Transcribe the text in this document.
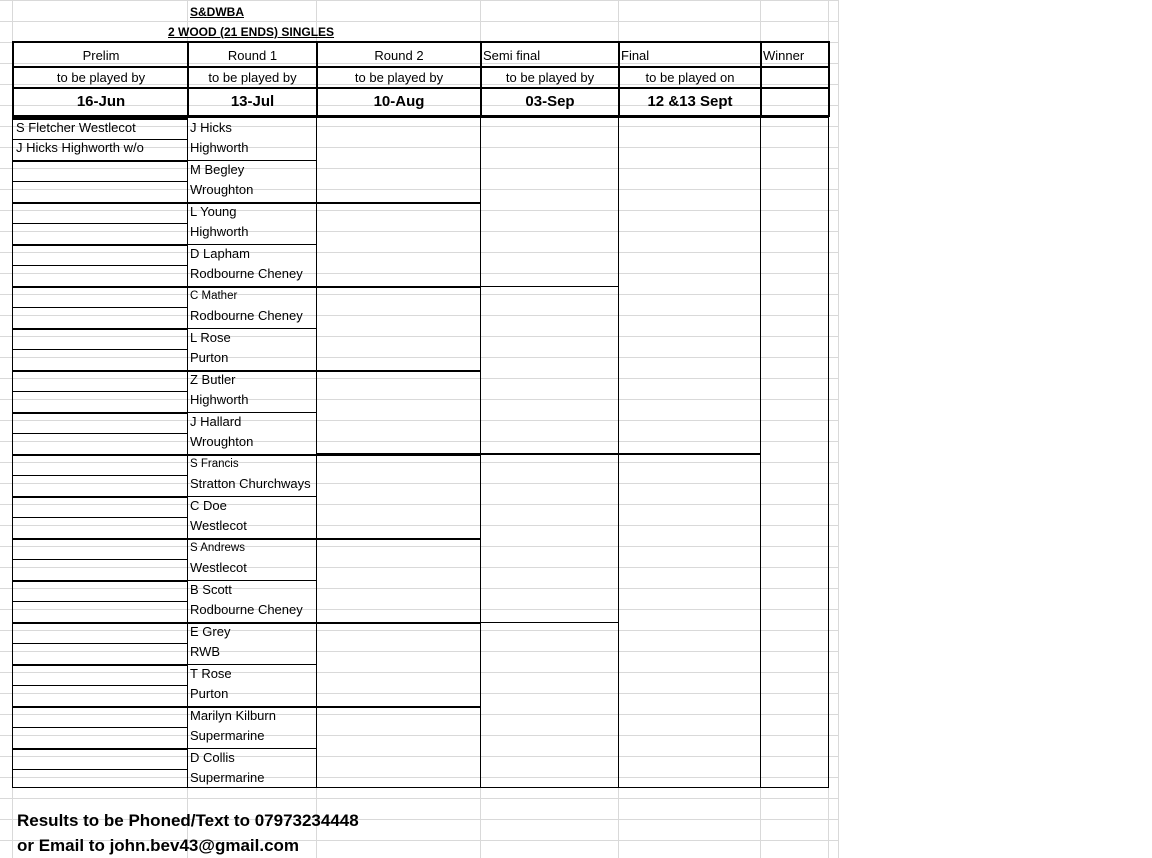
S&DWBA
2 WOOD (21 ENDS) SINGLES
Prelim	Round 1	Round 2	Semi final	Final	Winner
to be played by	to be played by	to be played by	to be played by	to be played on
16-Jun	13-Jul	10-Aug	03-Sep	12 &13 Sept
S Fletcher Westlecot
J Hicks Highworth w/o
J Hicks
Highworth
M Begley
Wroughton
L Young
Highworth
D Lapham
Rodbourne Cheney
C Mather
Rodbourne Cheney
L Rose
Purton
Z Butler
Highworth
J Hallard
Wroughton
S Francis
Stratton Churchways
C Doe
Westlecot
S Andrews
Westlecot
B Scott
Rodbourne Cheney
E Grey
RWB
T Rose
Purton
Marilyn Kilburn
Supermarine
D Collis
Supermarine
Results to be Phoned/Text to 07973234448
or Email to john.bev43@gmail.com
